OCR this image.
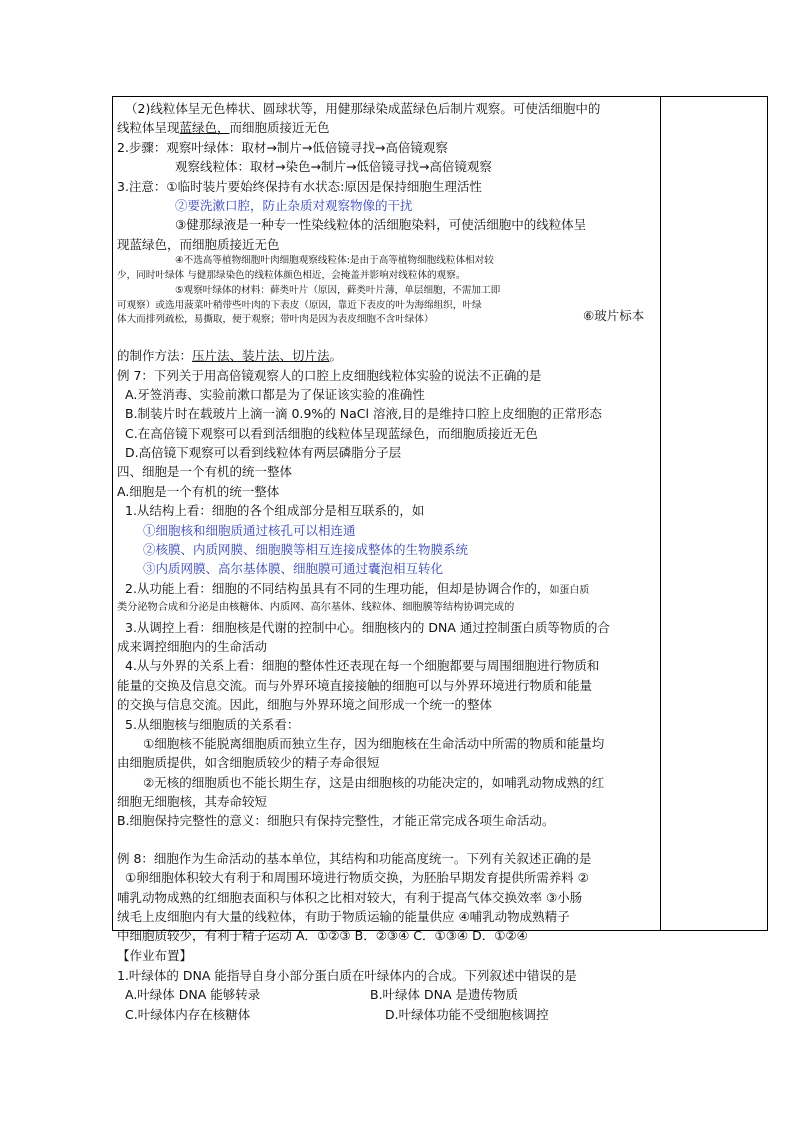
（2)线粒体呈无色棒状、圆球状等，用健那绿染成蓝绿色后制片观察。可使活细胞中的
线粒体呈现蓝绿色，而细胞质接近无色
2.步骤：观察叶绿体：取材→制片→低倍镜寻找→高倍镜观察
观察线粒体：取材→染色→制片→低倍镜寻找→高倍镜观察
3.注意：①临时装片要始终保持有水状态:原因是保持细胞生理活性
②要洗漱口腔，防止杂质对观察物像的干扰
③健那绿液是一种专一性染线粒体的活细胞染料，可使活细胞中的线粒体呈
现蓝绿色，而细胞质接近无色
④不选高等植物细胞叶肉细胞观察线粒体:是由于高等植物细胞线粒体相对较
少，同时叶绿体 与健那绿染色的线粒体颜色相近，会掩盖并影响对线粒体的观察。
⑤观察叶绿体的材料：藓类叶片（原因，藓类叶片薄，单层细胞，不需加工即
可观察）或选用菠菜叶稍带些叶肉的下表皮（原因，靠近下表皮的叶为海绵组织，叶绿
体大而排列疏松，易撕取，便于观察；带叶肉是因为表皮细胞不含叶绿体）
的制作方法：压片法、装片法、切片法。
例 7：下列关于用高倍镜观察人的口腔上皮细胞线粒体实验的说法不正确的是
A.牙签消毒、实验前漱口都是为了保证该实验的准确性
B.制装片时在载玻片上滴一滴 0.9%的 NaCl 溶液,目的是维持口腔上皮细胞的正常形态
C.在高倍镜下观察可以看到活细胞的线粒体呈现蓝绿色，而细胞质接近无色
D.高倍镜下观察可以看到线粒体有两层磷脂分子层
四、细胞是一个有机的统一整体
A.细胞是一个有机的统一整体
1.从结构上看：细胞的各个组成部分是相互联系的，如
①细胞核和细胞质通过核孔可以相连通
②核膜、内质网膜、细胞膜等相互连接成整体的生物膜系统
③内质网膜、高尔基体膜、细胞膜可通过囊泡相互转化
2.从功能上看：细胞的不同结构虽具有不同的生理功能，但却是协调合作的，如蛋白质
类分泌物合成和分泌是由核糖体、内质网、高尔基体、线粒体、细胞膜等结构协调完成的
3.从调控上看：细胞核是代谢的控制中心。细胞核内的 DNA 通过控制蛋白质等物质的合
成来调控细胞内的生命活动
4.从与外界的关系上看：细胞的整体性还表现在每一个细胞都要与周围细胞进行物质和
能量的交换及信息交流。而与外界环境直接接触的细胞可以与外界环境进行物质和能量
的交换与信息交流。因此，细胞与外界环境之间形成一个统一的整体
5.从细胞核与细胞质的关系看：
①细胞核不能脱离细胞质而独立生存，因为细胞核在生命活动中所需的物质和能量均
由细胞质提供，如含细胞质较少的精子寿命很短
②无核的细胞质也不能长期生存，这是由细胞核的功能决定的，如哺乳动物成熟的红
细胞无细胞核，其寿命较短
B.细胞保持完整性的意义：细胞只有保持完整性，才能正常完成各项生命活动。
例 8：细胞作为生命活动的基本单位，其结构和功能高度统一。下列有关叙述正确的是
①卵细胞体积较大有利于和周围环境进行物质交换，为胚胎早期发育提供所需养料 ②
哺乳动物成熟的红细胞表面积与体积之比相对较大，有利于提高气体交换效率 ③小肠
绒毛上皮细胞内有大量的线粒体，有助于物质运输的能量供应 ④哺乳动物成熟精子
中细胞质较少，有利于精子运动 A．①②③ B．②③④ C．①③④ D．①②④
⑥玻片标本
【作业布置】
1.叶绿体的 DNA 能指导自身小部分蛋白质在叶绿体内的合成。下列叙述中错误的是
A.叶绿体 DNA 能够转录	B.叶绿体 DNA 是遗传物质
C.叶绿体内存在核糖体	D.叶绿体功能不受细胞核调控
